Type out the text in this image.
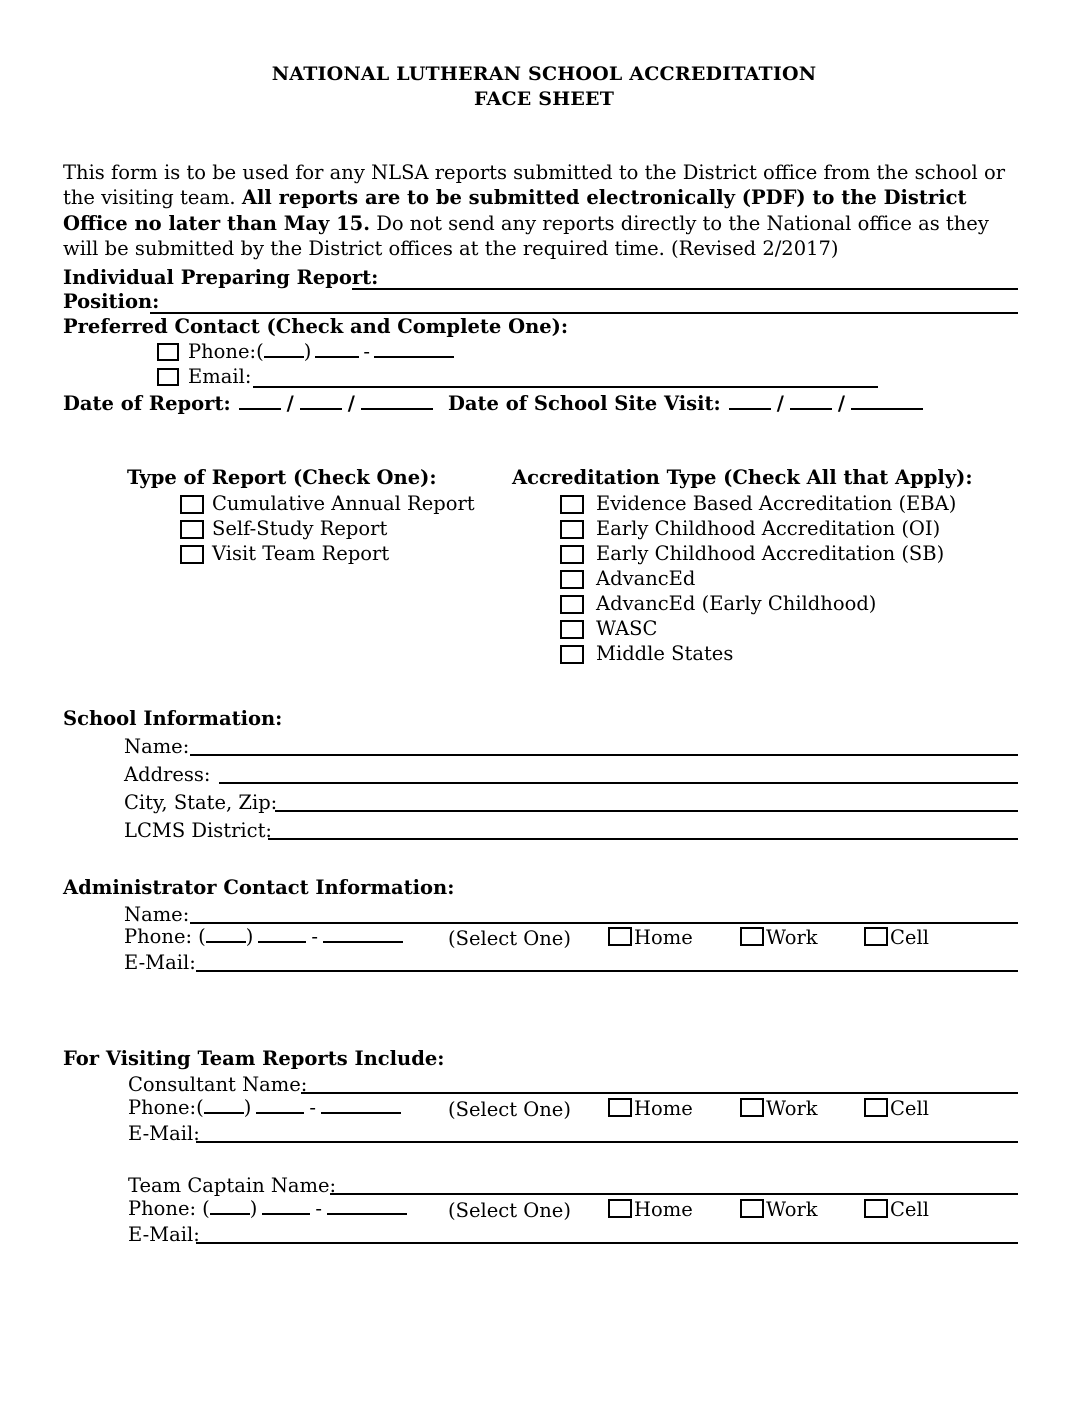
NATIONAL LUTHERAN SCHOOL ACCREDITATION
FACE SHEET

This form is to be used for any NLSA reports submitted to the District office from the school or the visiting team. All reports are to be submitted electronically (PDF) to the District Office no later than May 15. Do not send any reports directly to the National office as they will be submitted by the District offices at the required time. (Revised 2/2017)

Individual Preparing Report:
Position:
Preferred Contact (Check and Complete One):
Phone:( )	-
Email:
Date of Report:	/	/	Date of School Site Visit:	/	/
Type of Report (Check One):
Cumulative Annual Report
Self-Study Report
Visit Team Report
Accreditation Type (Check All that Apply):
Evidence Based Accreditation (EBA)
Early Childhood Accreditation (OI)
Early Childhood Accreditation (SB)
AdvancEd
AdvancEd (Early Childhood)
WASC
Middle States
School Information:
Name:
Address:
City, State, Zip:
LCMS District:
Administrator Contact Information:
Name:
Phone: ( )	-	(Select One)	Home	Work	Cell
E-Mail:
For Visiting Team Reports Include:
Consultant Name:
Phone:( )	-	(Select One)	Home	Work	Cell
E-Mail:
Team Captain Name:
Phone: ( )	-	(Select One)	Home	Work	Cell
E-Mail:
